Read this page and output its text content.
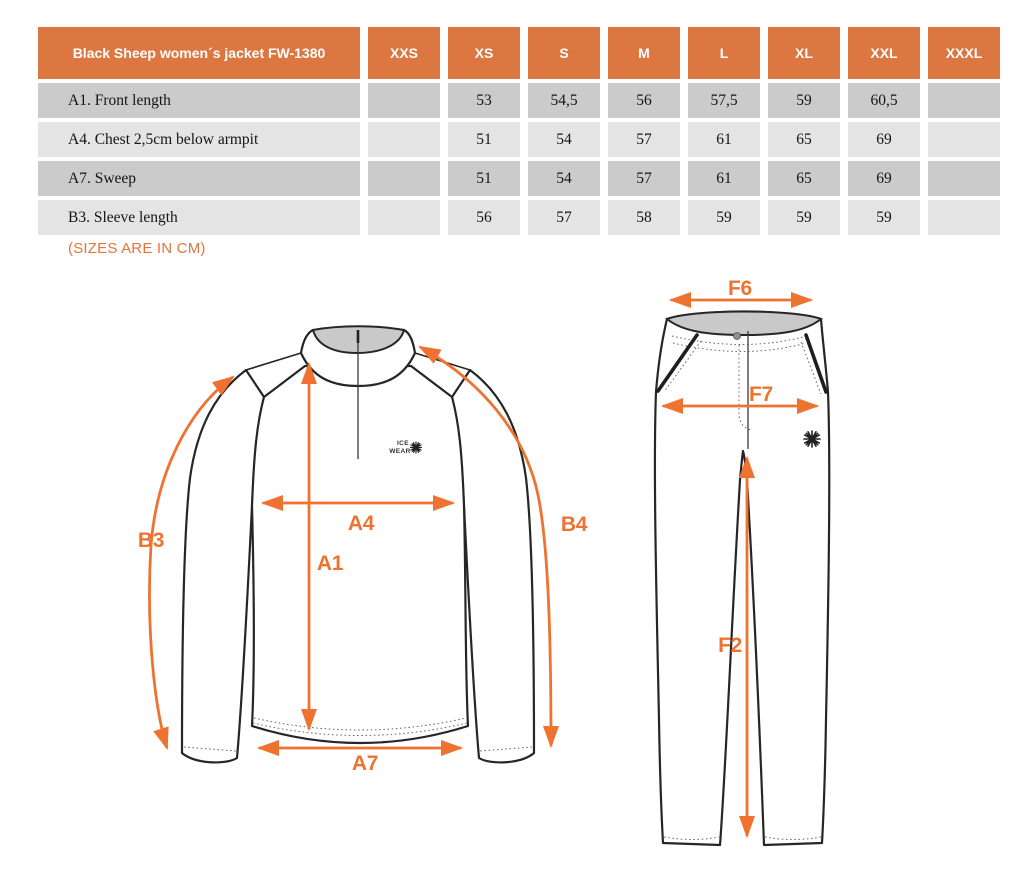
Black Sheep women´s jacket FW-1380	XXS	XS	S	M	L	XL	XXL	XXXL
A1. Front length		53	54,5	56	57,5	59	60,5	
A4. Chest 2,5cm below armpit		51	54	57	61	65	69	
A7. Sweep		51	54	57	61	65	69	
B3. Sleeve length		56	57	58	59	59	59	
(SIZES ARE IN CM)
ICE
WEAR
B3
B4
A1
A4
A7
F6
F7
F2
